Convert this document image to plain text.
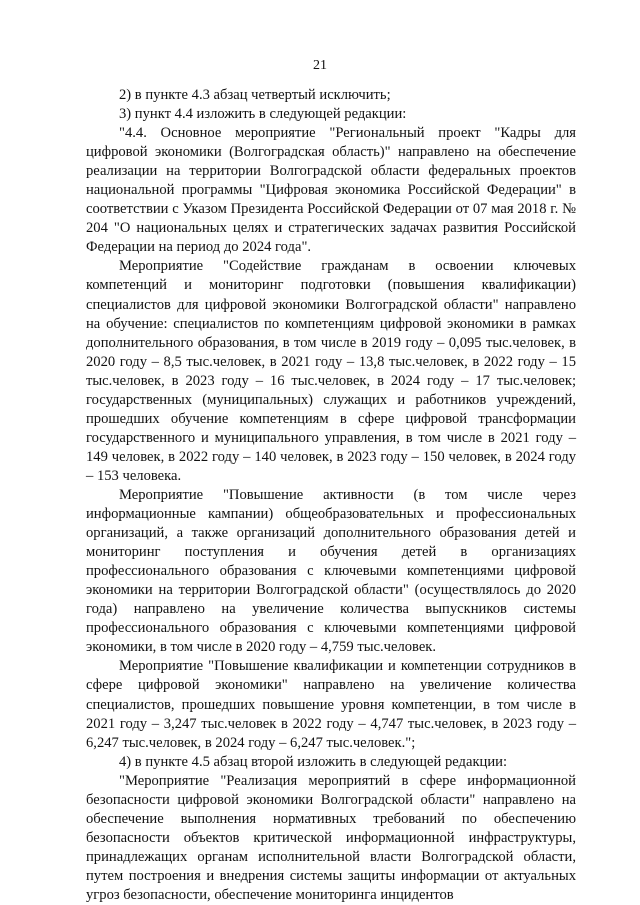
21

2) в пункте 4.3 абзац четвертый исключить;

3) пункт 4.4 изложить в следующей редакции:

"4.4. Основное мероприятие "Региональный проект "Кадры для цифровой экономики (Волгоградская область)" направлено на обеспечение реализации на территории Волгоградской области федеральных проектов национальной программы "Цифровая экономика Российской Федерации" в соответствии с Указом Президента Российской Федерации от 07 мая 2018 г. № 204 "О национальных целях и стратегических задачах развития Российской Федерации на период до 2024 года".

Мероприятие "Содействие гражданам в освоении ключевых компетенций и мониторинг подготовки (повышения квалификации) специалистов для цифровой экономики Волгоградской области" направлено на обучение: специалистов по компетенциям цифровой экономики в рамках дополнительного образования, в том числе в 2019 году – 0,095 тыс.человек, в 2020 году – 8,5 тыс.человек, в 2021 году – 13,8 тыс.человек, в 2022 году – 15 тыс.человек, в 2023 году – 16 тыс.человек, в 2024 году – 17 тыс.человек; государственных (муниципальных) служащих и работников учреждений, прошедших обучение компетенциям в сфере цифровой трансформации государственного и муниципального управления, в том числе в 2021 году – 149 человек, в 2022 году – 140 человек, в 2023 году – 150 человек, в 2024 году – 153 человека.

Мероприятие "Повышение активности (в том числе через информационные кампании) общеобразовательных и профессиональных организаций, а также организаций дополнительного образования детей и мониторинг поступления и обучения детей в организациях профессионального образования с ключевыми компетенциями цифровой экономики на территории Волгоградской области" (осуществлялось до 2020 года) направлено на увеличение количества выпускников системы профессионального образования с ключевыми компетенциями цифровой экономики, в том числе в 2020 году – 4,759 тыс.человек.

Мероприятие "Повышение квалификации и компетенции сотрудников в сфере цифровой экономики" направлено на увеличение количества специалистов, прошедших повышение уровня компетенции, в том числе в 2021 году – 3,247 тыс.человек в 2022 году – 4,747 тыс.человек, в 2023 году – 6,247 тыс.человек, в 2024 году – 6,247 тыс.человек.";

4) в пункте 4.5 абзац второй изложить в следующей редакции:

"Мероприятие "Реализация мероприятий в сфере информационной безопасности цифровой экономики Волгоградской области" направлено на обеспечение выполнения нормативных требований по обеспечению безопасности объектов критической информационной инфраструктуры, принадлежащих органам исполнительной власти Волгоградской области, путем построения и внедрения системы защиты информации от актуальных угроз безопасности, обеспечение мониторинга инцидентов
